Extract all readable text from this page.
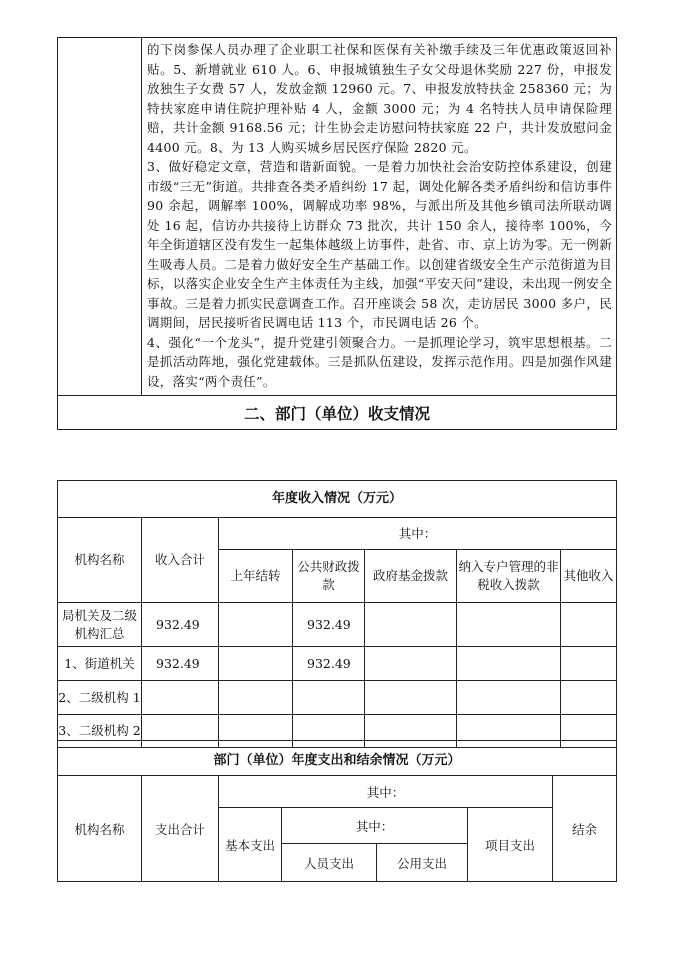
的下岗参保人员办理了企业职工社保和医保有关补缴手续及三年优惠政策返回补贴。5、新增就业 610 人。6、申报城镇独生子女父母退休奖励 227 份，申报发放独生子女费 57 人，发放金额 12960 元。7、申报发放特扶金 258360 元；为特扶家庭申请住院护理补贴 4 人，金额 3000 元；为 4 名特扶人员申请保险理赔，共计金额 9168.56 元；计生协会走访慰问特扶家庭 22 户，共计发放慰问金 4400 元。8、为 13 人购买城乡居民医疗保险 2820 元。

3、做好稳定文章，营造和谐新面貌。一是着力加快社会治安防控体系建设，创建市级“三无”街道。共排查各类矛盾纠纷 17 起，调处化解各类矛盾纠纷和信访事件 90 余起，调解率 100%，调解成功率 98%，与派出所及其他乡镇司法所联动调处 16 起，信访办共接待上访群众 73 批次，共计 150 余人，接待率 100%，今年全街道辖区没有发生一起集体越级上访事件，赴省、市、京上访为零。无一例新生吸毒人员。二是着力做好安全生产基础工作。以创建省级安全生产示范街道为目标，以落实企业安全生产主体责任为主线，加强“平安天问”建设，未出现一例安全事故。三是着力抓实民意调查工作。召开座谈会 58 次，走访居民 3000 多户，民调期间，居民接听省民调电话 113 个，市民调电话 26 个。

4、强化“一个龙头”，提升党建引领聚合力。一是抓理论学习，筑牢思想根基。二是抓活动阵地，强化党建载体。三是抓队伍建设，发挥示范作用。四是加强作风建设，落实“两个责任”。

二、部门（单位）收支情况
年度收入情况（万元）						
机构名称	收入合计	其中：				
		上年结转	公共财政拨款	政府基金拨款	纳入专户管理的非税收入拨款	其他收入
局机关及二级机构汇总	932.49		932.49			
1、街道机关	932.49		932.49			
2、二级机构 1						
3、二级机构 2						
部门（单位）年度支出和结余情况（万元）						
机构名称	支出合计	其中：				结余
		基本支出	其中：		项目支出	
			人员支出	公用支出		
